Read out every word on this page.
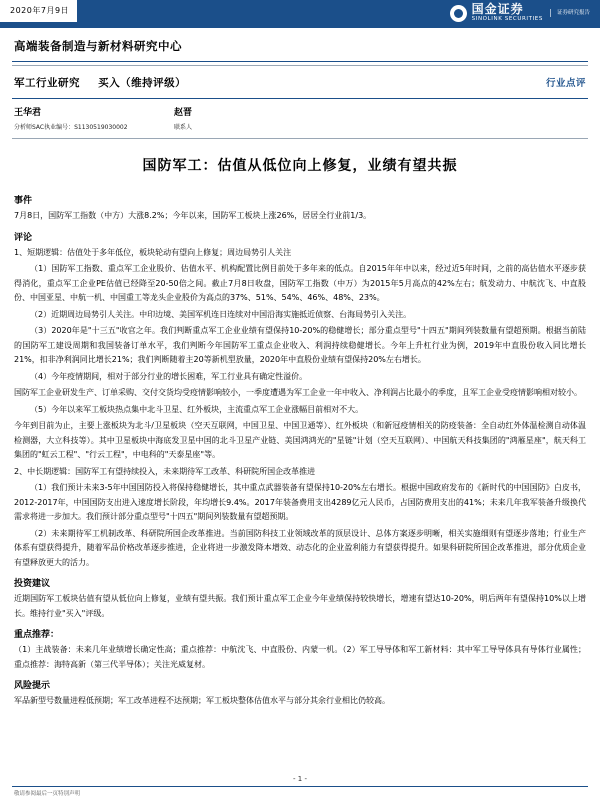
2020年7月9日	国金证券
SINOLINK SECURITIES
证券研究报告
高端装备制造与新材料研究中心
军工行业研究 买入（维持评级）	行业点评
王华君
分析师SAC执业编号：S1130519030002
赵晋
联系人
国防军工：估值从低位向上修复，业绩有望共振
事件

7月8日，国防军工指数（中方）大涨8.2%；今年以来，国防军工板块上涨26%，居居全行业前1/3。

评论

1、短期逻辑：估值处于多年低位，板块轮动有望向上修复；周边局势引人关注

（1）国防军工指数、重点军工企业股价、估值水平、机构配置比例目前处于多年来的低点。自2015年年中以来，经过近5年时间，之前的高估值水平逐步获得消化，重点军工企业PE估值已经降至20-50倍之间。截止7月8日收盘，国防军工指数（中万）为2015年5月高点的42%左右；航发动力、中航沈飞、中直股份、中国亚星、中航一机、中国重工等龙头企业股价为高点的37%、51%、54%、46%、48%、23%。

（2）近期周边局势引人关注。中印边境、美国军机连日连续对中国沿海实施抵近侦察、台海局势引入关注。

（3）2020年是"十三五"收官之年。我们判断重点军工企业业绩有望保持10-20%的稳健增长；部分重点型号"十四五"期间列装数量有望超预期。根据当前陆的国防军工建设周期和我国装备订单水平，我们判断今年国防军工重点企业收入、利润持续稳健增长。今年上升杠行业为例，2019年中直股份收入同比增长21%，扣非净利润同比增长21%；我们判断随着主20等新机型放量，2020年中直股份业绩有望保持20%左右增长。

（4）今年疫情期间，相对于部分行业的增长困难，军工行业具有确定性溢价。

国防军工企业研发生产、订单采购、交付交货均受疫情影响较小，一季度遭遇为军工企业一年中收入、净利润占比最小的季度，且军工企业受疫情影响相对较小。

（5）今年以来军工板块热点集中北斗卫星、红外板块，主流重点军工企业涨幅目前相对不大。

今年到目前为止，主要上涨板块为北斗/卫星板块（空天互联网，中国卫星、中国卫通等）、红外板块（和新冠疫情相关的防疫装备：全自动红外体温检测自动体温检测器，大立科技等）。其中卫星板块中海底发卫星中国的北斗卫星产业链、美国鸿鸿光的"星链"计划（空天互联网）、中国航天科技集团的"鸿雁星座"，航天科工集团的"虹云工程"、"行云工程"，中电科的"天泰星座"等。

2、中长期逻辑：国防军工有望持续投入，未来期待军工改革、科研院所国企改革推进

（1）我们预计未来3-5年中国国防投入将保持稳健增长，其中重点武器装备有望保持10-20%左右增长。根据中国政府发布的《新时代的中国国防》白皮书，2012-2017年，中国国防支出进入速度增长阶段，年均增长9.4%。2017年装备费用支出4289亿元人民币，占国防费用支出的41%；未来几年我军装备升级换代需求将进一步加大。我们预计部分重点型号"十四五"期间列装数量有望超预期。

（2）未来期待军工机制改革、科研院所国企改革推进。当前国防科技工业领域改革的顶层设计、总体方案逐步明晰，相关实施细则有望逐步落地；行业生产体系有望获得提升，随着军品价格改革逐步推进，企业将进一步激发降本增效、动态化的企业盈利能力有望获得提升。如果科研院所国企改革推进，部分优质企业有望释放更大的活力。

投资建议

近期国防军工板块估值有望从低位向上修复，业绩有望共振。我们预计重点军工企业今年业绩保持较快增长，增速有望达10-20%，明后两年有望保持10%以上增长。维持行业"买入"评级。

重点推荐：

（1）主战装备：未来几年业绩增长确定性高；重点推荐：中航沈飞、中直股份、内蒙一机。（2）军工导导体和军工新材料：其中军工导导体具有导体行业属性；重点推荐：海特高新（第三代半导体）；关注光威复材。

风险提示

军品新型号数量进程低预期；军工改革进程不达预期；军工板块整体估值水平与部分其余行业相比仍较高。

- 1 -
敬请参阅最后一页特别声明
